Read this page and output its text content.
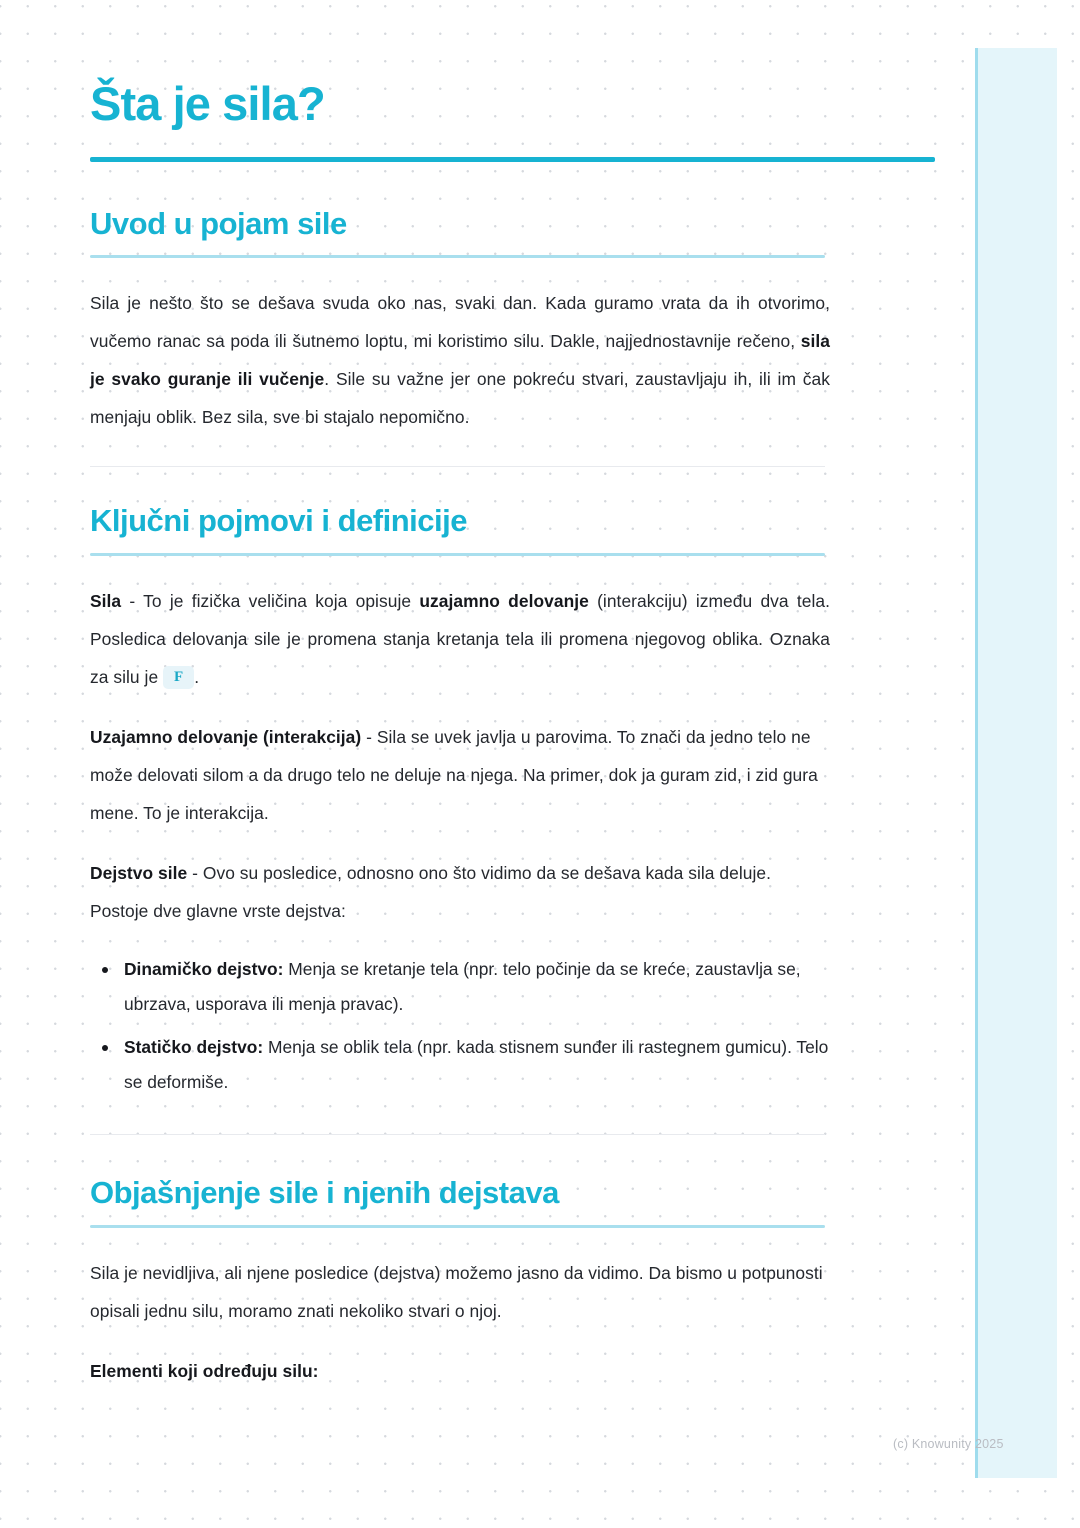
Šta je sila?
Uvod u pojam sile

Sila je nešto što se dešava svuda oko nas, svaki dan. Kada guramo vrata da ih otvorimo, vučemo ranac sa poda ili šutnemo loptu, mi koristimo silu. Dakle, najjednostavnije rečeno, sila je svako guranje ili vučenje. Sile su važne jer one pokreću stvari, zaustavljaju ih, ili im čak menjaju oblik. Bez sila, sve bi stajalo nepomično.

Ključni pojmovi i definicije

Sila - To je fizička veličina koja opisuje uzajamno delovanje (interakciju) između dva tela. Posledica delovanja sile je promena stanja kretanja tela ili promena njegovog oblika. Oznaka za silu je F .

Uzajamno delovanje (interakcija) - Sila se uvek javlja u parovima. To znači da jedno telo ne može delovati silom a da drugo telo ne deluje na njega. Na primer, dok ja guram zid, i zid gura mene. To je interakcija.

Dejstvo sile - Ovo su posledice, odnosno ono što vidimo da se dešava kada sila deluje. Postoje dve glavne vrste dejstva:

Dinamičko dejstvo: Menja se kretanje tela (npr. telo počinje da se kreće, zaustavlja se, ubrzava, usporava ili menja pravac).
Statičko dejstvo: Menja se oblik tela (npr. kada stisnem sunđer ili rastegnem gumicu). Telo se deformiše.
Objašnjenje sile i njenih dejstava

Sila je nevidljiva, ali njene posledice (dejstva) možemo jasno da vidimo. Da bismo u potpunosti opisali jednu silu, moramo znati nekoliko stvari o njoj.

Elementi koji određuju silu:

(c) Knowunity 2025
